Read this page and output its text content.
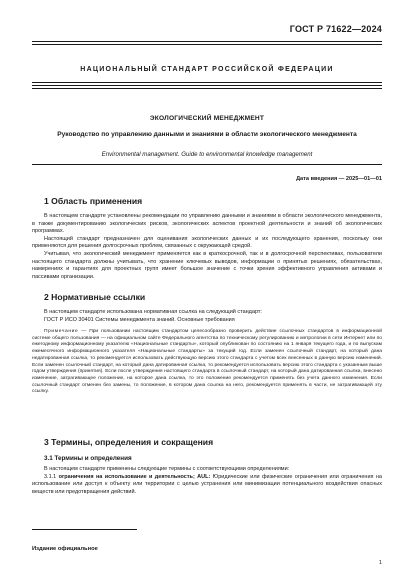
ГОСТ Р 71622—2024
НАЦИОНАЛЬНЫЙ СТАНДАРТ РОССИЙСКОЙ ФЕДЕРАЦИИ
ЭКОЛОГИЧЕСКИЙ МЕНЕДЖМЕНТ
Руководство по управлению данными и знаниями в области экологического менеджмента
Environmental management. Guide to environmental knowledge management
Дата введения — 2025—01—01
1 Область применения

В настоящем стандарте установлены рекомендации по управлению данными и знаниями в области экологического менеджмента, в также документированию экологических рисков, экологических аспектов проектной деятельности и знаний об экологических программах.

Настоящий стандарт предназначен для оценивания экологических данных и их последующего хранения, поскольку они применяются для решения долгосрочных проблем, связанных с окружающей средой.

Учитывая, что экологический менеджмент применяется как в краткосрочной, так и в долгосрочной перспективах, пользователи настоящего стандарта должны учитывать, что хранение ключевых выводов, информации о принятых решениях, обязательствах, намерениях и гарантиях для проектных групп имеет большое значение с точки зрения эффективного управления активами и пассивами организации.

2 Нормативные ссылки

В настоящем стандарте использована нормативная ссылка на следующий стандарт:

ГОСТ Р ИСО 30401 Системы менеджмента знаний. Основные требования

Примечание — При пользовании настоящим стандартом целесообразно проверить действие ссылочных стандартов в информационной системе общего пользования — на официальном сайте Федерального агентства по техническому регулированию и метрологии в сети Интернет или по ежегодному информационному указателю «Национальные стандарты», который опубликован по состоянию на 1 января текущего года, и по выпускам ежемесячного информационного указателя «Национальные стандарты» за текущий год. Если заменен ссылочный стандарт, на который дана недатированная ссылка, то рекомендуется использовать действующую версию этого стандарта с учетом всех внесенных в данную версию изменений. Если заменен ссылочный стандарт, на который дана датированная ссылка, то рекомендуется использовать версию этого стандарта с указанным выше годом утверждения (принятия). Если после утверждения настоящего стандарта в ссылочный стандарт, на который дана датированная ссылка, внесено изменение, затрагивающее положение, на которое дана ссылка, то это положение рекомендуется применять без учета данного изменения. Если ссылочный стандарт отменен без замены, то положение, в котором дана ссылка на него, рекомендуется применять в части, не затрагивающей эту ссылку.

3 Термины, определения и сокращения
3.1 Термины и определения

В настоящем стандарте применены следующие термины с соответствующими определениями:

3.1.1 ограничения на использование и деятельность; AUL: Юридические или физические ограничения или ограничения на использование или доступ к объекту или территории с целью устранения или минимизации потенциального воздействия опасных веществ или предотвращения действий.

Издание официальное
1
